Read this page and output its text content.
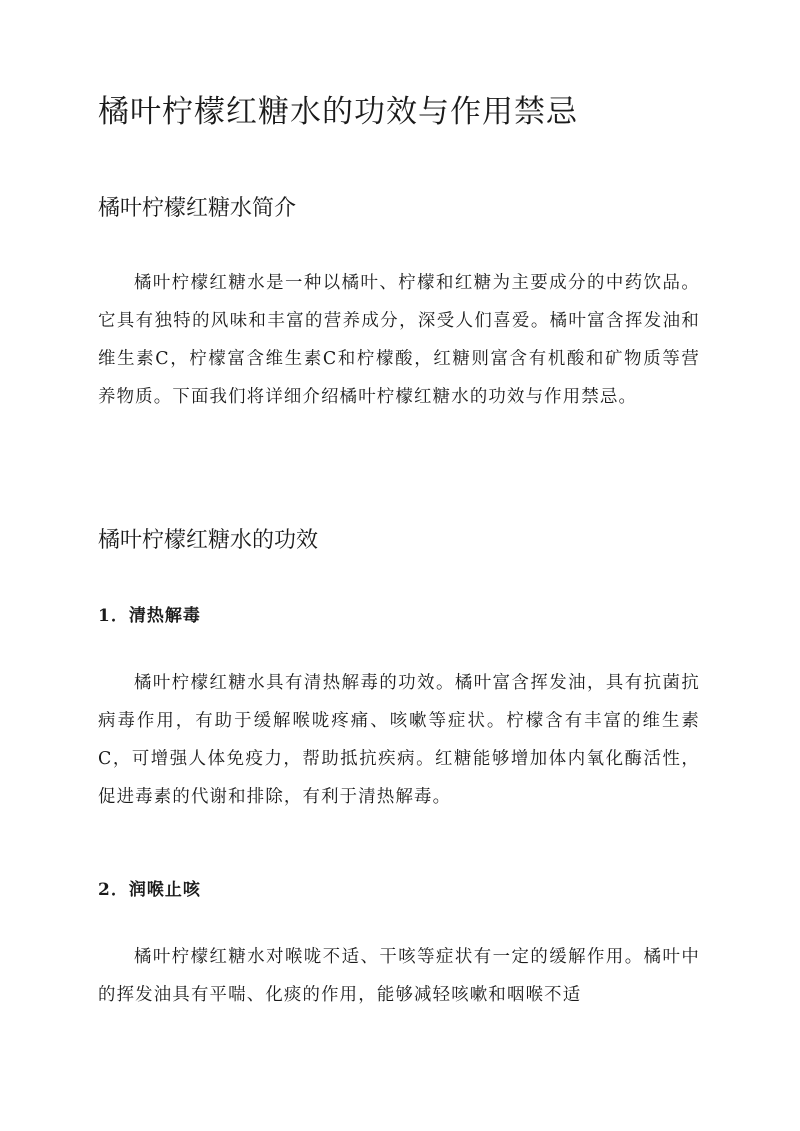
橘叶柠檬红糖水的功效与作用禁忌
橘叶柠檬红糖水简介

橘叶柠檬红糖水是一种以橘叶、柠檬和红糖为主要成分的中药饮品。它具有独特的风味和丰富的营养成分，深受人们喜爱。橘叶富含挥发油和维生素C，柠檬富含维生素C和柠檬酸，红糖则富含有机酸和矿物质等营养物质。下面我们将详细介绍橘叶柠檬红糖水的功效与作用禁忌。

橘叶柠檬红糖水的功效
1．清热解毒

橘叶柠檬红糖水具有清热解毒的功效。橘叶富含挥发油，具有抗菌抗病毒作用，有助于缓解喉咙疼痛、咳嗽等症状。柠檬含有丰富的维生素C，可增强人体免疫力，帮助抵抗疾病。红糖能够增加体内氧化酶活性，促进毒素的代谢和排除，有利于清热解毒。

2．润喉止咳

橘叶柠檬红糖水对喉咙不适、干咳等症状有一定的缓解作用。橘叶中的挥发油具有平喘、化痰的作用，能够减轻咳嗽和咽喉不适
